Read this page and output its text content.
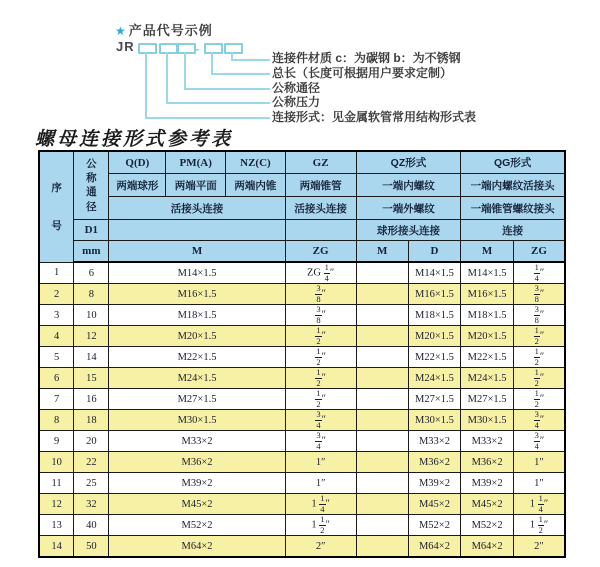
★ 产品代号示例
JR	-
连接件材质 c：为碳钢 b：为不锈钢
总长（长度可根据用户要求定制）
公称通径
公称压力
连接形式：见金属软管常用结构形式表
螺母连接形式参考表
序
号	公
称
通
径	Q(D)	PM(A)	NZ(C)	GZ	QZ形式		QG形式	
		两端球形	两端平面	两端内锥	两端锥管	一端内螺纹		一端内螺纹活接头	
		活接头连接			活接头连接	一端外螺纹		一端锥管螺纹接头	
	D1					球形接头连接		连接	
	mm	M			ZG	M	D	M	ZG
1	6	M14×1.5			ZG $\frac{1}{4}$ ″		M14×1.5	M14×1.5	$\frac{1}{4}$ ″
2	8	M16×1.5			$\frac{3}{8}$ ″		M16×1.5	M16×1.5	$\frac{3}{8}$ ″
3	10	M18×1.5			$\frac{3}{8}$ ″		M18×1.5	M18×1.5	$\frac{3}{8}$ ″
4	12	M20×1.5			$\frac{1}{2}$ ″		M20×1.5	M20×1.5	$\frac{1}{2}$ ″
5	14	M22×1.5			$\frac{1}{2}$ ″		M22×1.5	M22×1.5	$\frac{1}{2}$ ″
6	15	M24×1.5			$\frac{1}{2}$ ″		M24×1.5	M24×1.5	$\frac{1}{2}$ ″
7	16	M27×1.5			$\frac{1}{2}$ ″		M27×1.5	M27×1.5	$\frac{1}{2}$ ″
8	18	M30×1.5			$\frac{3}{4}$ ″		M30×1.5	M30×1.5	$\frac{3}{4}$ ″
9	20	M33×2			$\frac{3}{4}$ ″		M33×2	M33×2	$\frac{3}{4}$ ″
10	22	M36×2			1″		M36×2	M36×2	1″
11	25	M39×2			1″		M39×2	M39×2	1″
12	32	M45×2			$1 \frac{1}{4}$ ″		M45×2	M45×2	$1 \frac{1}{4}$ ″
13	40	M52×2			$1 \frac{1}{2}$ ″		M52×2	M52×2	$1 \frac{1}{2}$ ″
14	50	M64×2			2″		M64×2	M64×2	2″
